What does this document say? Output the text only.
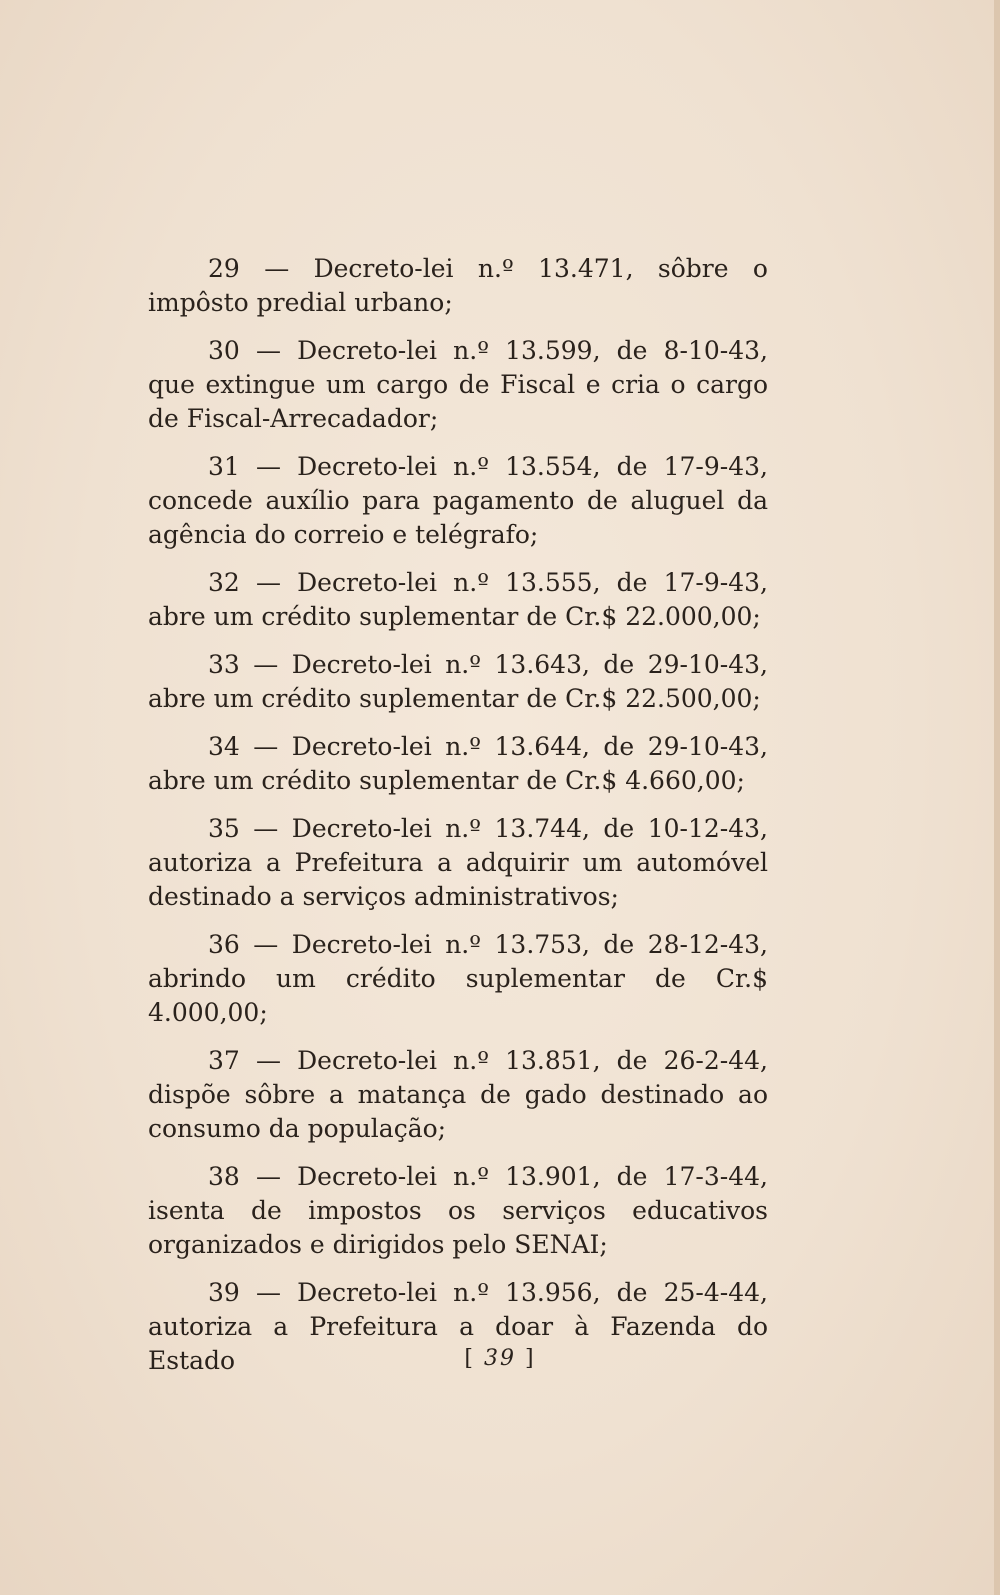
29 — Decreto-lei n.º 13.471, sôbre o impôsto predial urbano;

30 — Decreto-lei n.º 13.599, de 8-10-43, que extingue um cargo de Fiscal e cria o cargo de Fiscal-Arrecadador;

31 — Decreto-lei n.º 13.554, de 17-9-43, concede auxílio para pagamento de aluguel da agência do correio e telégrafo;

32 — Decreto-lei n.º 13.555, de 17-9-43, abre um crédito suplementar de Cr.$ 22.000,00;

33 — Decreto-lei n.º 13.643, de 29-10-43, abre um crédito suplementar de Cr.$ 22.500,00;

34 — Decreto-lei n.º 13.644, de 29-10-43, abre um crédito suplementar de Cr.$ 4.660,00;

35 — Decreto-lei n.º 13.744, de 10-12-43, autoriza a Prefeitura a adquirir um automóvel destinado a serviços administrativos;

36 — Decreto-lei n.º 13.753, de 28-12-43, abrindo um crédito suplementar de Cr.$ 4.000,00;

37 — Decreto-lei n.º 13.851, de 26-2-44, dispõe sôbre a matança de gado destinado ao consumo da população;

38 — Decreto-lei n.º 13.901, de 17-3-44, isenta de impostos os serviços educativos organizados e dirigidos pelo SENAI;

39 — Decreto-lei n.º 13.956, de 25-4-44, autoriza a Prefeitura a doar à Fazenda do Estado	[ 39 ]
